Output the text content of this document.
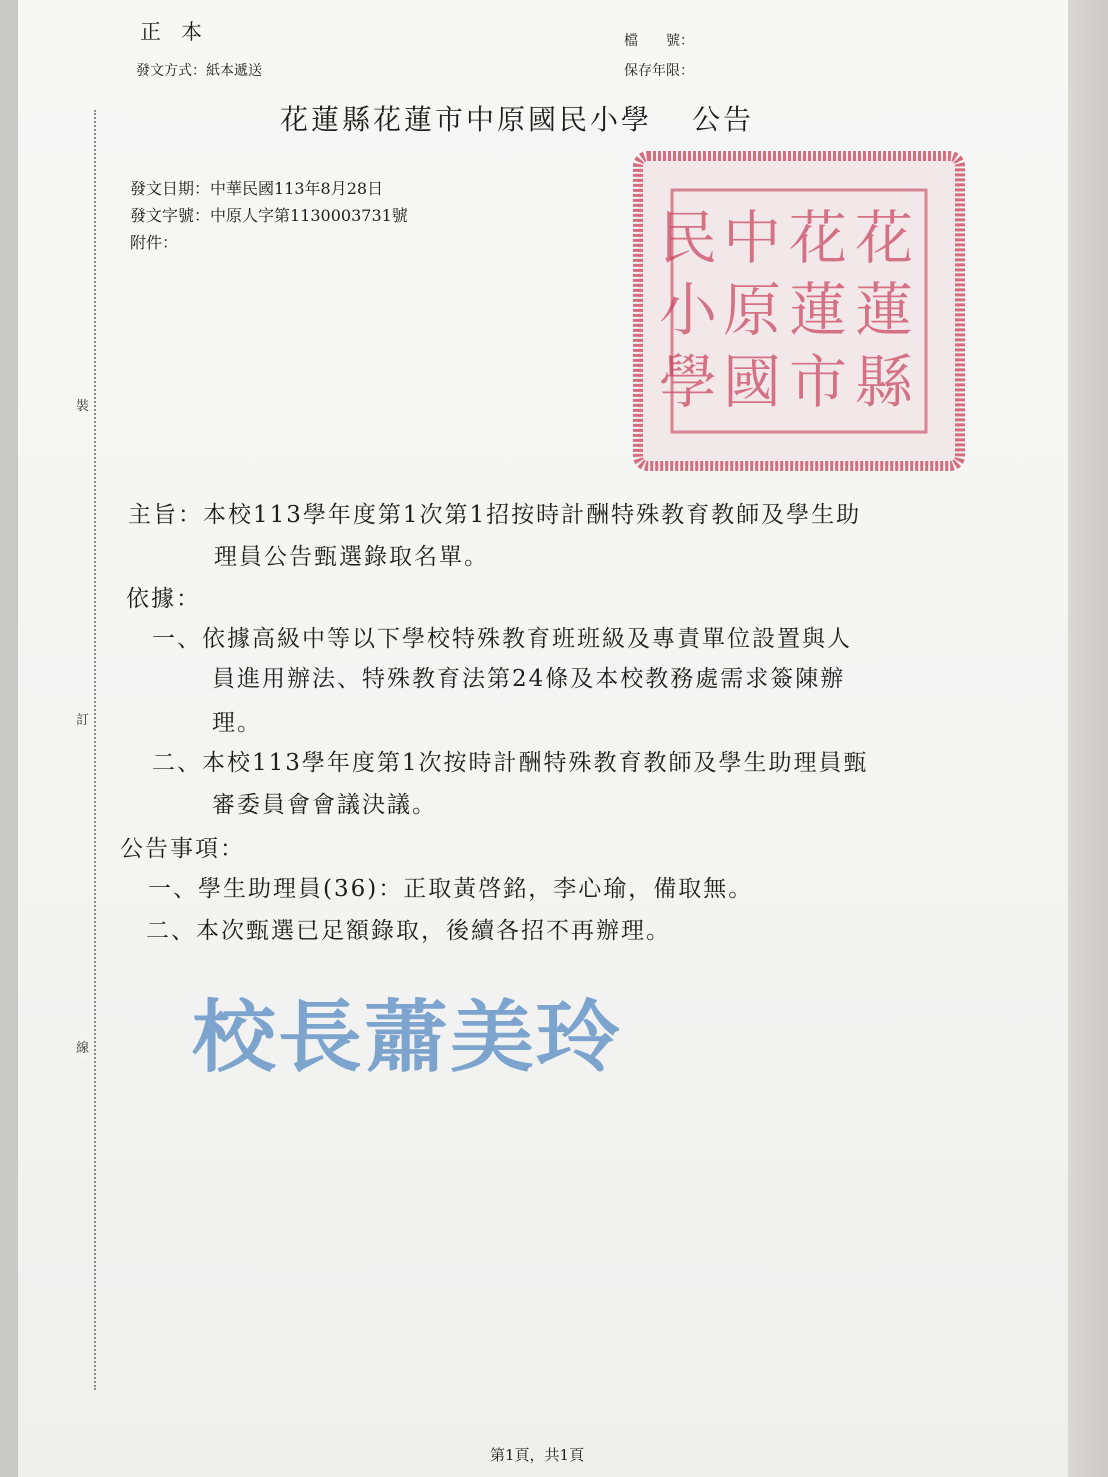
正本
發文方式：紙本遞送
檔　　號：
保存年限：
花蓮縣花蓮市中原國民小學 公告
發文日期：中華民國113年8月28日
發文字號：中原人字第1130003731號
附件：
裝
訂
線
花
蓮
縣
花
蓮
市
中
原
國
民
小
學
主旨：本校113學年度第1次第1招按時計酬特殊教育教師及學生助
理員公告甄選錄取名單。
依據：
一、依據高級中等以下學校特殊教育班班級及專責單位設置與人
員進用辦法、特殊教育法第24條及本校教務處需求簽陳辦
理。
二、本校113學年度第1次按時計酬特殊教育教師及學生助理員甄
審委員會會議決議。
公告事項：
一、學生助理員(36)：正取黃啓銘，李心瑜，備取無。
二、本次甄選已足額錄取，後續各招不再辦理。
校長蕭美玲
第1頁，共1頁
